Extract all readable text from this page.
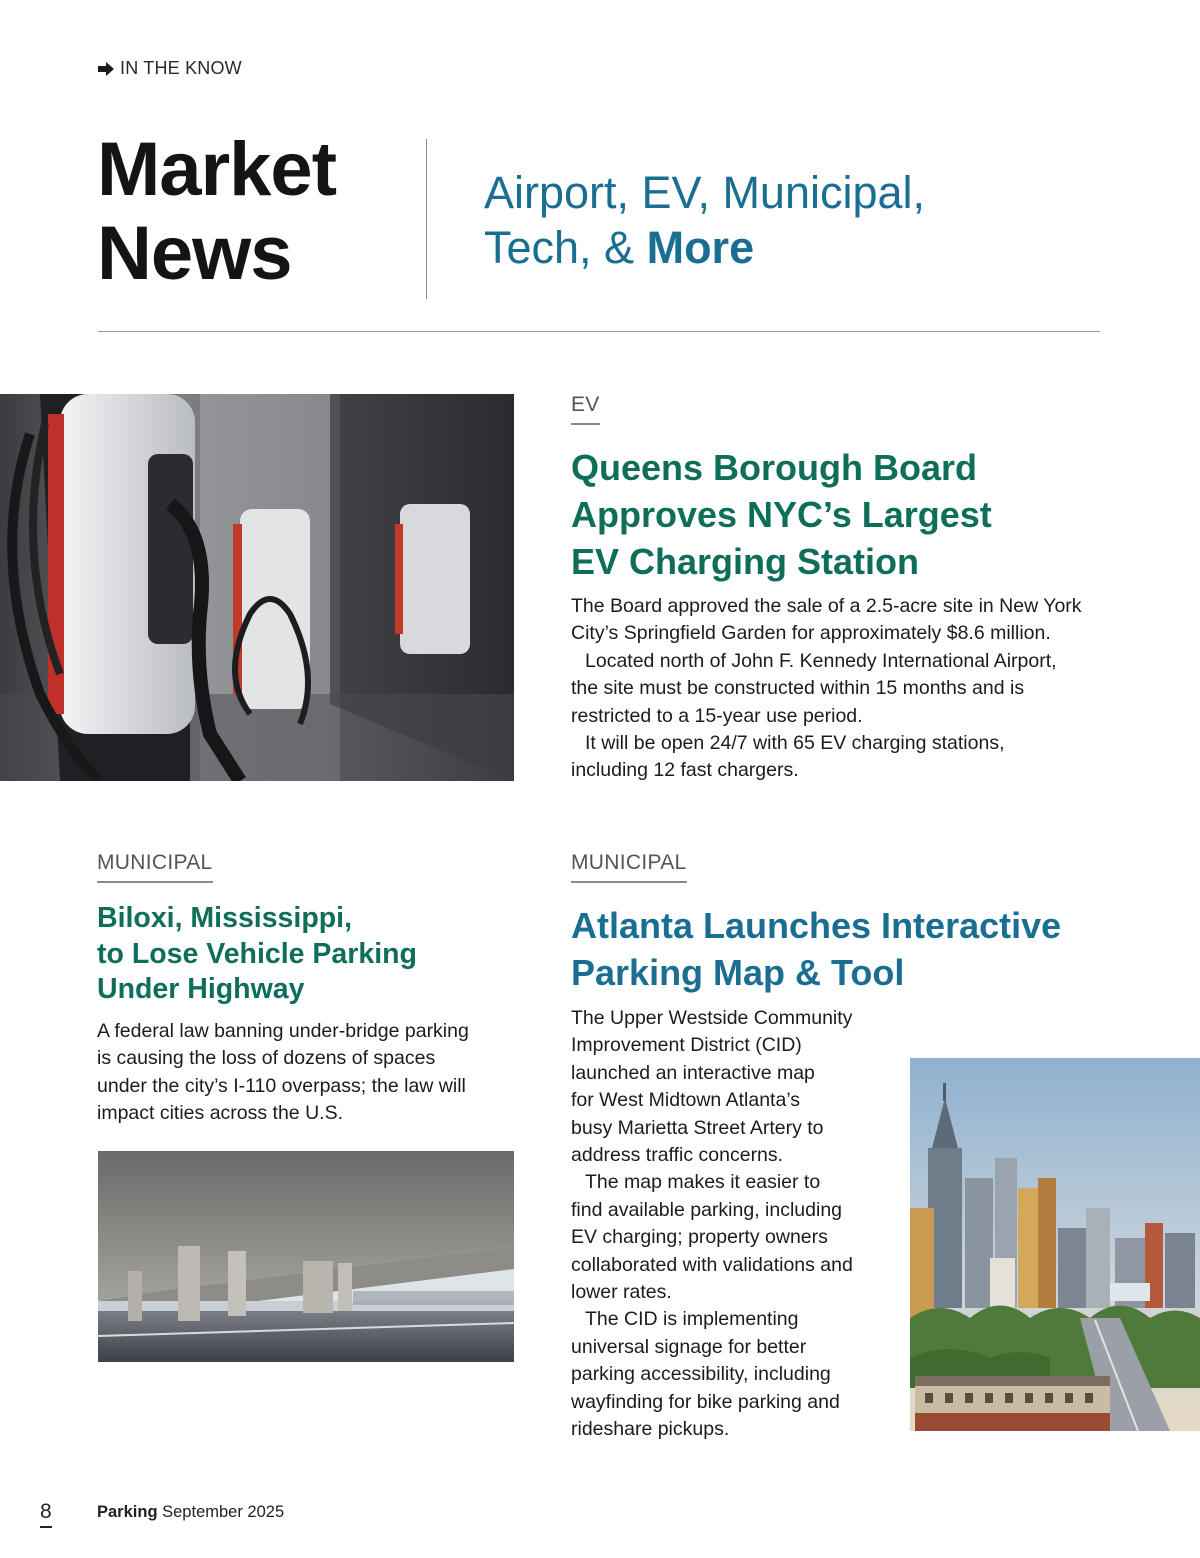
IN THE KNOW
Market
News
Airport, EV, Municipal,
Tech, & More
EV
Queens Borough Board
Approves NYC’s Largest
EV Charging Station

The Board approved the sale of a 2.5-acre site in New York
City’s Springfield Garden for approximately $8.6 million.

Located north of John F. Kennedy International Airport,
the site must be constructed within 15 months and is
restricted to a 15-year use period.

It will be open 24/7 with 65 EV charging stations,
including 12 fast chargers.

MUNICIPAL
Biloxi, Mississippi,
to Lose Vehicle Parking
Under Highway
A federal law banning under-bridge parking
is causing the loss of dozens of spaces
under the city’s I-110 overpass; the law will
impact cities across the U.S.
MUNICIPAL
Atlanta Launches Interactive
Parking Map & Tool

The Upper Westside Community
Improvement District (CID)
launched an interactive map
for West Midtown Atlanta’s
busy Marietta Street Artery to
address traffic concerns.

The map makes it easier to
find available parking, including
EV charging; property owners
collaborated with validations and
lower rates.

The CID is implementing
universal signage for better
parking accessibility, including
wayfinding for bike parking and
rideshare pickups.

8	Parking September 2025
